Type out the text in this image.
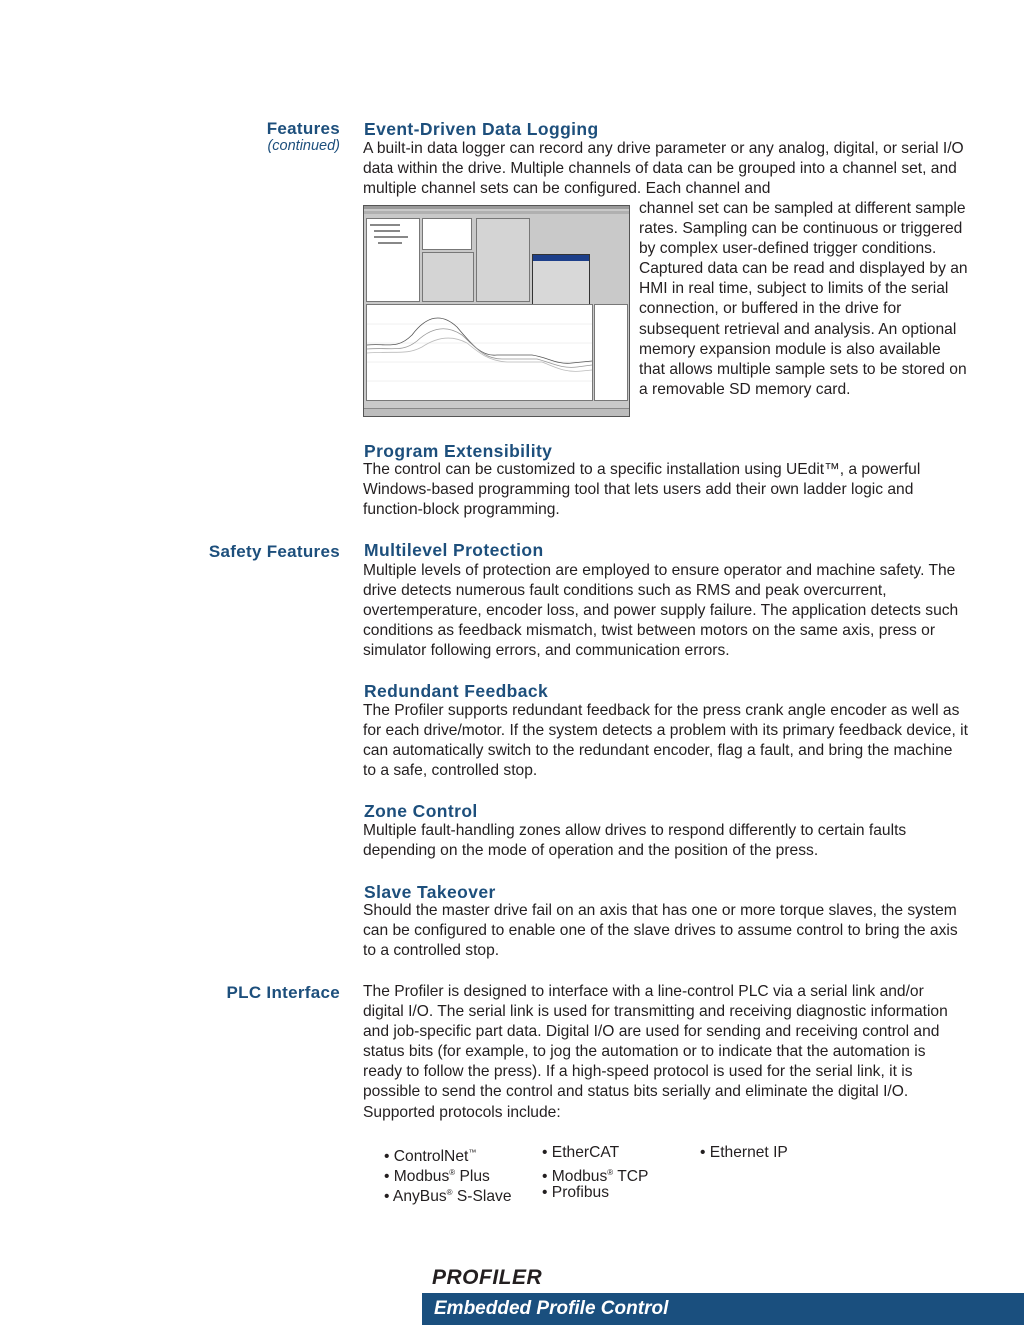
Features
(continued)
Safety Features
PLC Interface
Event-Driven Data Logging

A built-in data logger can record any drive parameter or any analog, digital, or serial I/O data within the drive. Multiple channels of data can be grouped into a channel set, and multiple channel sets can be configured. Each channel and

channel set can be sampled at different sample rates. Sampling can be continuous or triggered by complex user-defined trigger conditions. Captured data can be read and displayed by an HMI in real time, subject to limits of the serial connection, or buffered in the drive for subsequent retrieval and analysis. An optional memory expansion module is also available that allows multiple sample sets to be stored on a removable SD memory card.

Program Extensibility

The control can be customized to a specific installation using UEdit™, a powerful Windows-based programming tool that lets users add their own ladder logic and function-block programming.

Multilevel Protection

Multiple levels of protection are employed to ensure operator and machine safety. The drive detects numerous fault conditions such as RMS and peak overcurrent, overtemperature, encoder loss, and power supply failure. The application detects such conditions as feedback mismatch, twist between motors on the same axis, press or simulator following errors, and communication errors.

Redundant Feedback

The Profiler supports redundant feedback for the press crank angle encoder as well as for each drive/motor. If the system detects a problem with its primary feedback device, it can automatically switch to the redundant encoder, flag a fault, and bring the machine to a safe, controlled stop.

Zone Control

Multiple fault-handling zones allow drives to respond differently to certain faults depending on the mode of operation and the position of the press.

Slave Takeover

Should the master drive fail on an axis that has one or more torque slaves, the system can be configured to enable one of the slave drives to assume control to bring the axis to a controlled stop.

The Profiler is designed to interface with a line-control PLC via a serial link and/or digital I/O. The serial link is used for transmitting and receiving diagnostic information and job-specific part data. Digital I/O are used for sending and receiving control and status bits (for example, to jog the automation or to indicate that the automation is ready to follow the press). If a high-speed protocol is used for the serial link, it is possible to send the control and status bits serially and eliminate the digital I/O. Supported protocols include:

• ControlNet™	• EtherCAT	• Ethernet IP
• Modbus® Plus	• Modbus® TCP
• AnyBus® S-Slave • Profibus
PROFILER
Embedded Profile Control
